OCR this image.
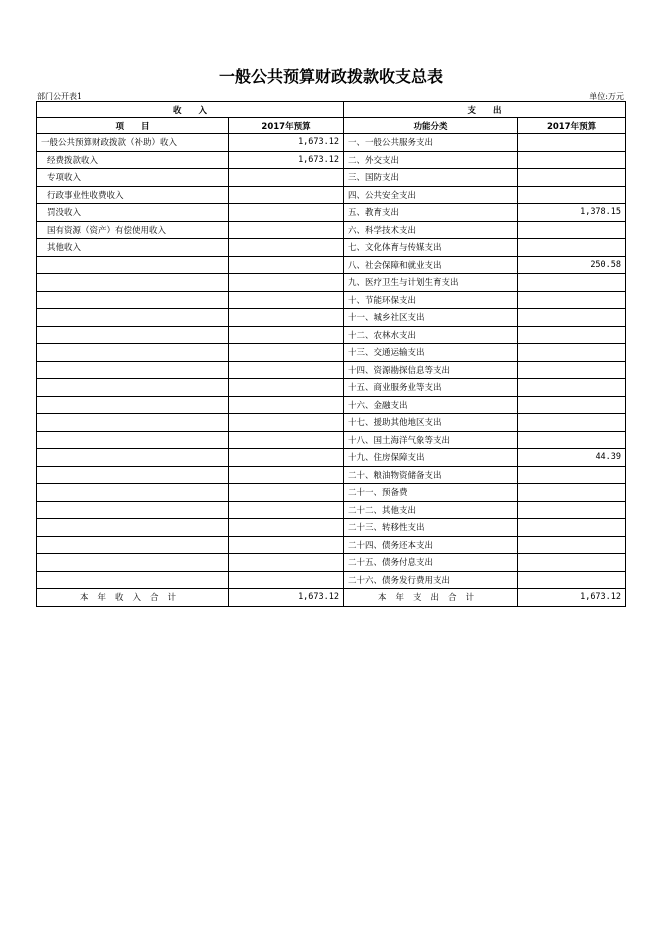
一般公共预算财政拨款收支总表
部门公开表1	单位:万元
收　　入		支　　出	
项　　目	2017年预算	功能分类	2017年预算
一般公共预算财政拨款（补助）收入	1,673.12	一、一般公共服务支出	
经费拨款收入	1,673.12	二、外交支出	
专项收入		三、国防支出	
行政事业性收费收入		四、公共安全支出	
罚没收入		五、教育支出	1,378.15
国有资源（资产）有偿使用收入		六、科学技术支出	
其他收入		七、文化体育与传媒支出	
		八、社会保障和就业支出	250.58
		九、医疗卫生与计划生育支出	
		十、节能环保支出	
		十一、城乡社区支出	
		十二、农林水支出	
		十三、交通运输支出	
		十四、资源勘探信息等支出	
		十五、商业服务业等支出	
		十六、金融支出	
		十七、援助其他地区支出	
		十八、国土海洋气象等支出	
		十九、住房保障支出	44.39
		二十、粮油物资储备支出	
		二十一、预备费	
		二十二、其他支出	
		二十三、转移性支出	
		二十四、债务还本支出	
		二十五、债务付息支出	
		二十六、债务发行费用支出	
本年收入合计	1,673.12	本年支出合计	1,673.12
